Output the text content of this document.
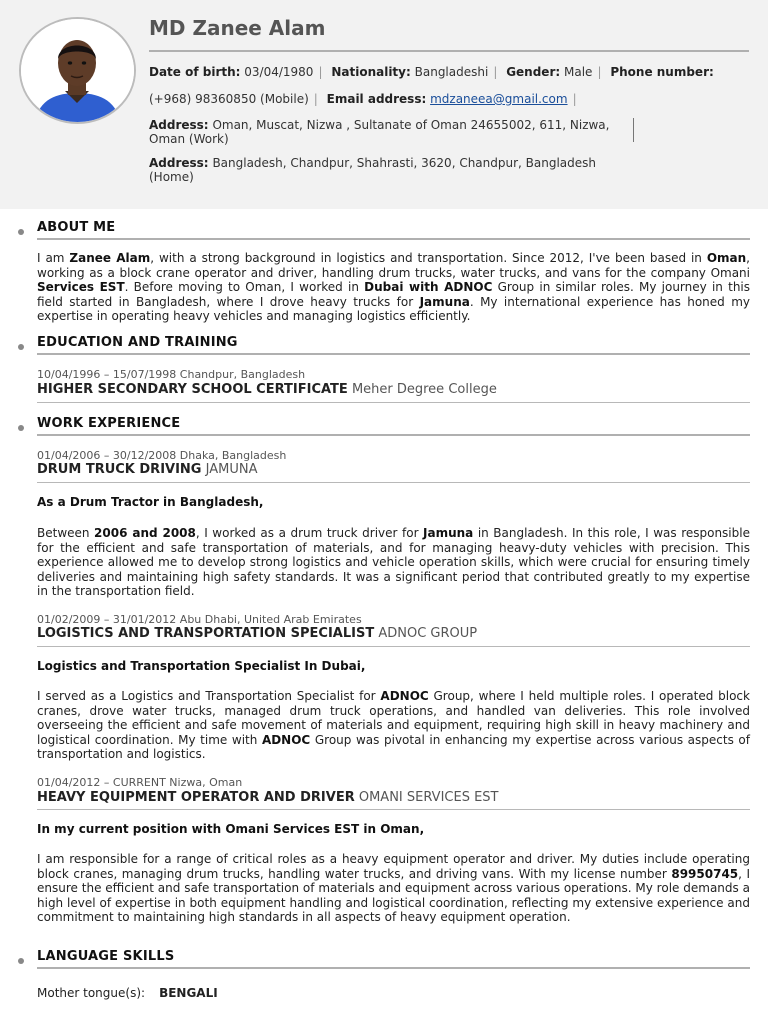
MD Zanee Alam
Date of birth: 03/04/1980 | Nationality: Bangladeshi | Gender: Male | Phone number:
(+968) 98360850 (Mobile) | Email address: mdzaneea@gmail.com |
Address: Oman, Muscat, Nizwa , Sultanate of Oman 24655002, 611, Nizwa,
Oman (Work)
Address: Bangladesh, Chandpur, Shahrasti, 3620, Chandpur, Bangladesh
(Home)
ABOUT ME
I am Zanee Alam, with a strong background in logistics and transportation. Since 2012, I've been based in Oman, working as a block crane operator and driver, handling drum trucks, water trucks, and vans for the company Omani Services EST. Before moving to Oman, I worked in Dubai with ADNOC Group in similar roles. My journey in this field started in Bangladesh, where I drove heavy trucks for Jamuna. My international experience has honed my expertise in operating heavy vehicles and managing logistics efficiently.
EDUCATION AND TRAINING
10/04/1996 – 15/07/1998 Chandpur, Bangladesh
HIGHER SECONDARY SCHOOL CERTIFICATE Meher Degree College
WORK EXPERIENCE
01/04/2006 – 30/12/2008 Dhaka, Bangladesh
DRUM TRUCK DRIVING JAMUNA
As a Drum Tractor in Bangladesh,
Between 2006 and 2008, I worked as a drum truck driver for Jamuna in Bangladesh. In this role, I was responsible for the efficient and safe transportation of materials, and for managing heavy-duty vehicles with precision. This experience allowed me to develop strong logistics and vehicle operation skills, which were crucial for ensuring timely deliveries and maintaining high safety standards. It was a significant period that contributed greatly to my expertise in the transportation field.
01/02/2009 – 31/01/2012 Abu Dhabi, United Arab Emirates
LOGISTICS AND TRANSPORTATION SPECIALIST ADNOC GROUP
Logistics and Transportation Specialist In Dubai,
I served as a Logistics and Transportation Specialist for ADNOC Group, where I held multiple roles. I operated block cranes, drove water trucks, managed drum truck operations, and handled van deliveries. This role involved overseeing the efficient and safe movement of materials and equipment, requiring high skill in heavy machinery and logistical coordination. My time with ADNOC Group was pivotal in enhancing my expertise across various aspects of transportation and logistics.
01/04/2012 – CURRENT Nizwa, Oman
HEAVY EQUIPMENT OPERATOR AND DRIVER OMANI SERVICES EST
In my current position with Omani Services EST in Oman,
I am responsible for a range of critical roles as a heavy equipment operator and driver. My duties include operating block cranes, managing drum trucks, handling water trucks, and driving vans. With my license number 89950745, I ensure the efficient and safe transportation of materials and equipment across various operations. My role demands a high level of expertise in both equipment handling and logistical coordination, reflecting my extensive experience and commitment to maintaining high standards in all aspects of heavy equipment operation.
LANGUAGE SKILLS
Mother tongue(s): BENGALI
